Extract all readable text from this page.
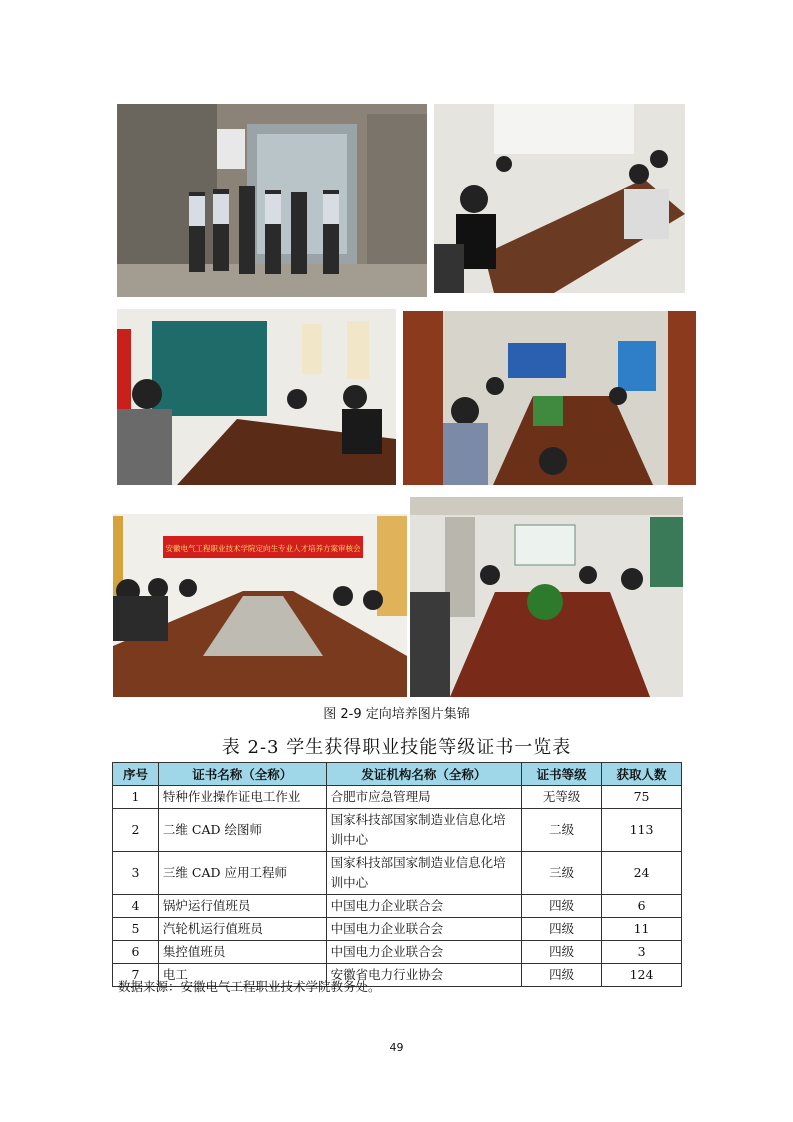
安徽电气工程职业技术学院定向生专业人才培养方案审核会
图 2-9 定向培养图片集锦
表 2-3 学生获得职业技能等级证书一览表
序号	证书名称（全称）	发证机构名称（全称）	证书等级	获取人数
1	特种作业操作证电工作业	合肥市应急管理局	无等级	75
2	二维 CAD 绘图师	国家科技部国家制造业信息化培训中心	二级	113
3	三维 CAD 应用工程师	国家科技部国家制造业信息化培训中心	三级	24
4	锅炉运行值班员	中国电力企业联合会	四级	6
5	汽轮机运行值班员	中国电力企业联合会	四级	11
6	集控值班员	中国电力企业联合会	四级	3
7	电工	安徽省电力行业协会	四级	124
数据来源：安徽电气工程职业技术学院教务处。
49
